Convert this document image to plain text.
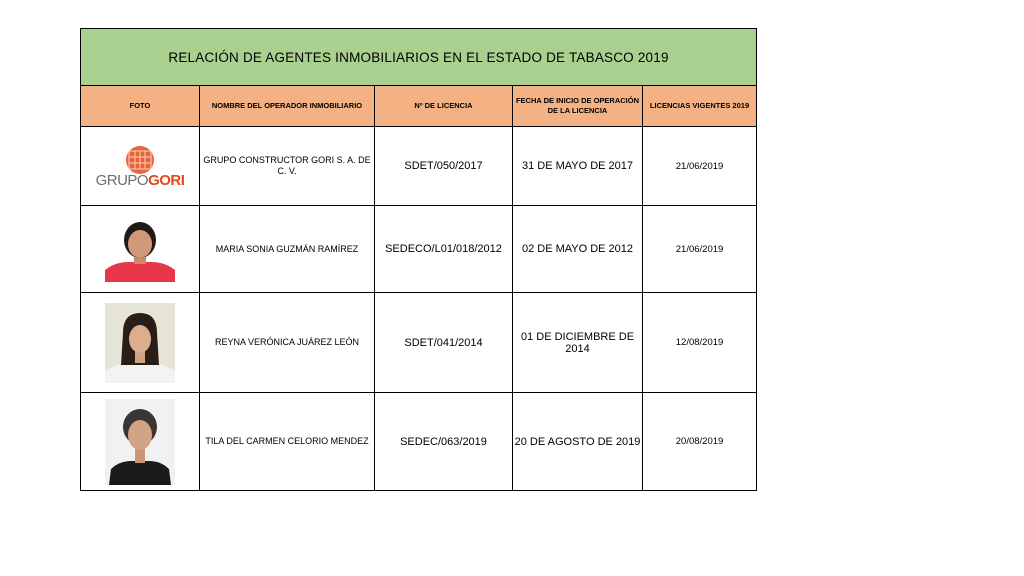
RELACIÓN DE AGENTES INMOBILIARIOS EN EL ESTADO DE TABASCO 2019				
FOTO	NOMBRE DEL OPERADOR INMOBILIARIO	Nº DE LICENCIA	FECHA DE INICIO DE OPERACIÓN DE LA LICENCIA	LICENCIAS VIGENTES 2019

GRUPOGORI	GRUPO CONSTRUCTOR GORI S. A. DE C. V.	SDET/050/2017	31 DE MAYO DE 2017	21/06/2019

	MARIA SONIA GUZMÁN RAMÍREZ	SEDECO/L01/018/2012	02 DE MAYO DE 2012	21/06/2019

	REYNA VERÓNICA JUÁREZ LEÓN	SDET/041/2014	01 DE DICIEMBRE DE 2014	12/08/2019

	TILA DEL CARMEN CELORIO MENDEZ	SEDEC/063/2019	20 DE AGOSTO DE 2019	20/08/2019
